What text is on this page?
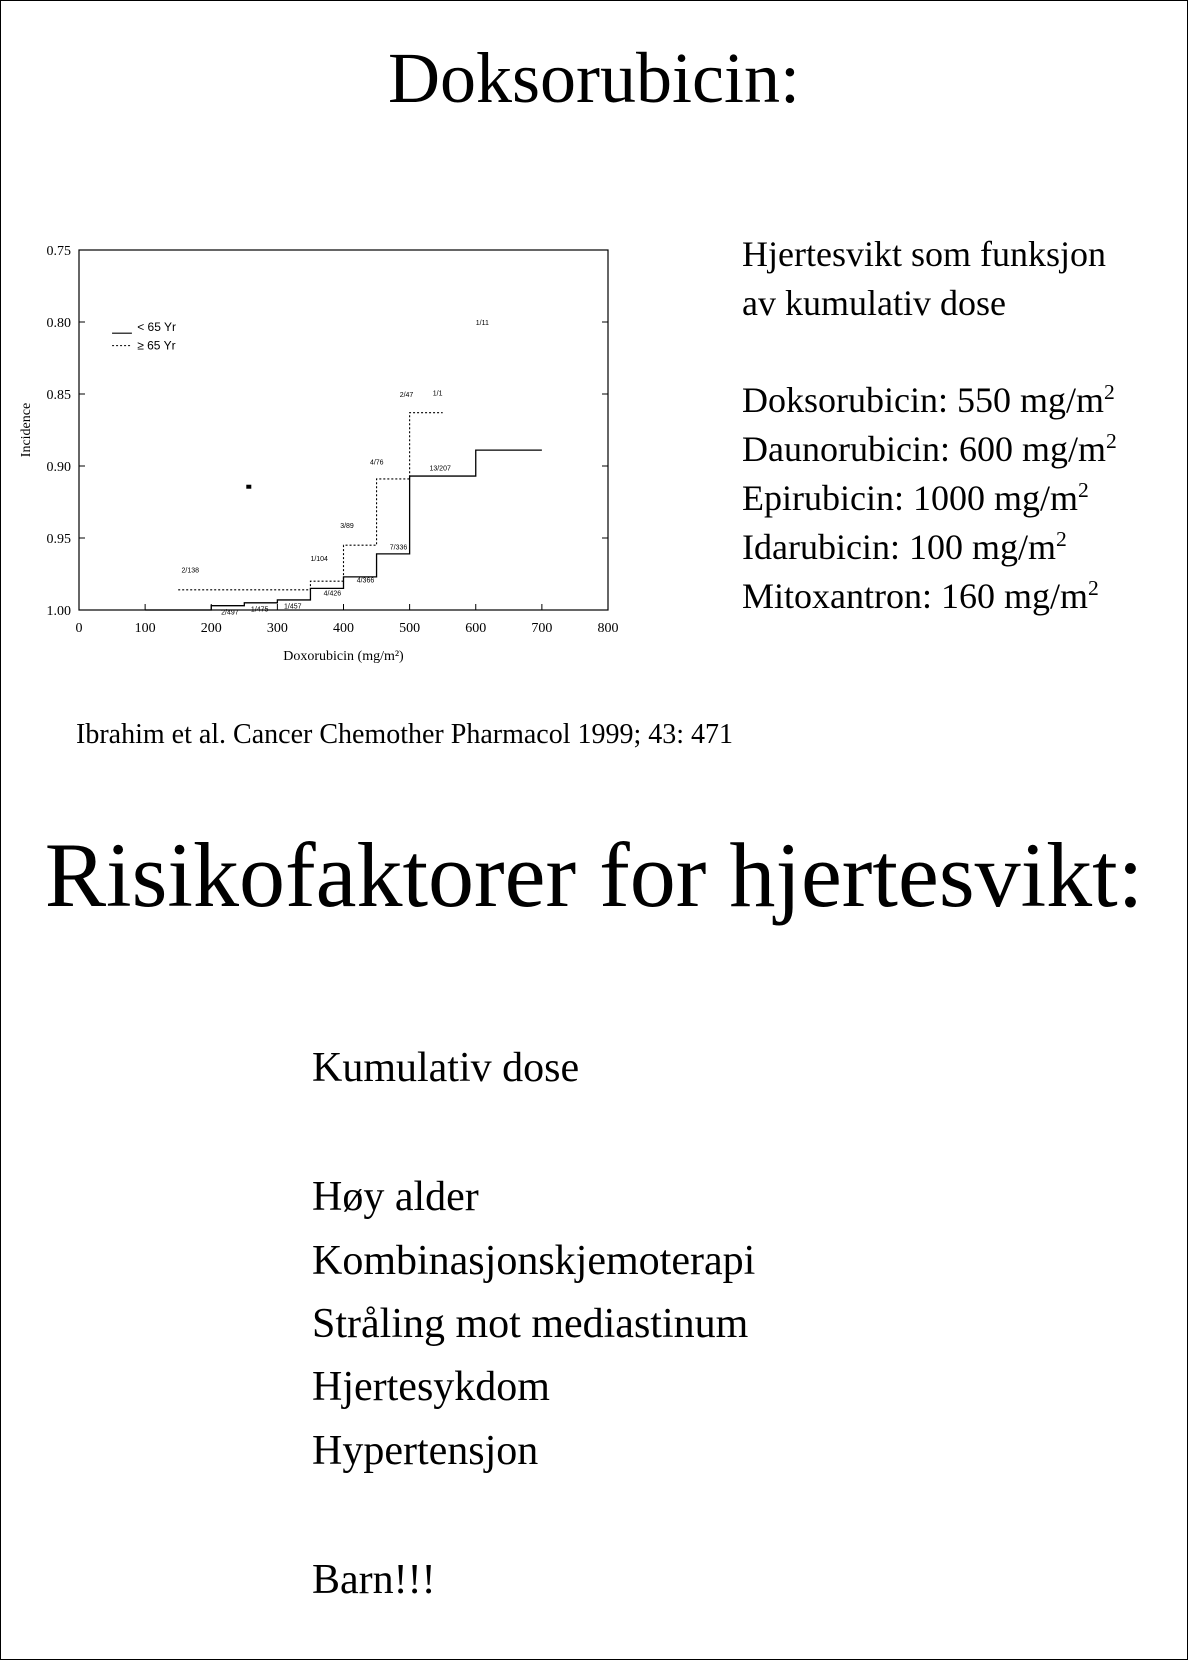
Doksorubicin:
0	100	200	300	400	500	600	700	800
0.75
0.80
0.85
0.90
0.95
1.00
2/138
2/497 1/475 1/457
1/104
4/426
3/89
4/366
4/76
7/336
13/207
2/47	1/1
1/11
< 65 Yr
≥ 65 Yr
Doxorubicin (mg/m²)
Incidence
Hjertesvikt som funksjon
av kumulativ dose
Doksorubicin: 550 $mg/m^2$
Daunorubicin: 600 $mg/m^2$
Epirubicin: 1000 $mg/m^2$
Idarubicin: 100 $mg/m^2$
Mitoxantron: 160 $mg/m^2$
Ibrahim et al. Cancer Chemother Pharmacol 1999; 43: 471
Risikofaktorer for hjertesvikt:
Kumulativ dose
Høy alder
Kombinasjonskjemoterapi
Stråling mot mediastinum
Hjertesykdom
Hypertensjon
Barn!!!
